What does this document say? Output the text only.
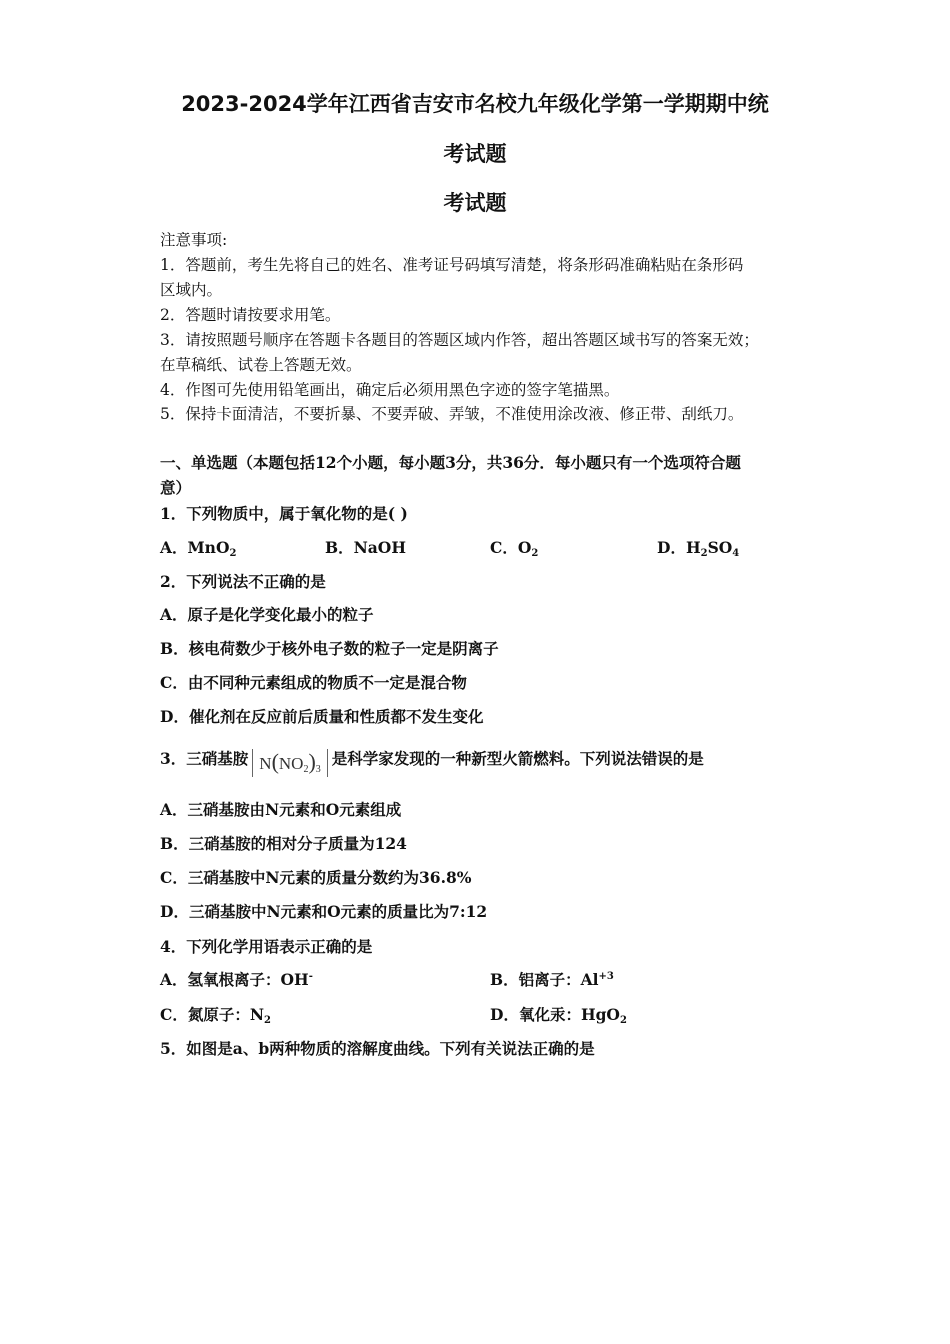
2023-2024学年江西省吉安市名校九年级化学第一学期期中统
考试题
考试题
注意事项:
1．答题前，考生先将自己的姓名、准考证号码填写清楚，将条形码准确粘贴在条形码
区域内。
2．答题时请按要求用笔。
3．请按照题号顺序在答题卡各题目的答题区域内作答，超出答题区域书写的答案无效；
在草稿纸、试卷上答题无效。
4．作图可先使用铅笔画出，确定后必须用黑色字迹的签字笔描黑。
5．保持卡面清洁，不要折暴、不要弄破、弄皱，不准使用涂改液、修正带、刮纸刀。
一、单选题（本题包括12个小题，每小题3分，共36分．每小题只有一个选项符合题
意）
1．下列物质中，属于氧化物的是( )
A．MnO$_2$	B．NaOH	C．$O_2$	D．$H_2SO_4$
2．下列说法不正确的是
A．原子是化学变化最小的粒子
B．核电荷数少于核外电子数的粒子一定是阴离子
C．由不同种元素组成的物质不一定是混合物
D．催化剂在反应前后质量和性质都不发生变化
3．三硝基胺 $N(NO_2)_3$是科学家发现的一种新型火箭燃料。下列说法错误的是
A．三硝基胺由N元素和O元素组成
B．三硝基胺的相对分子质量为124
C．三硝基胺中N元素的质量分数约为36.8%
D．三硝基胺中N元素和O元素的质量比为7:12
4．下列化学用语表示正确的是
A．氢氧根离子：OH-	B．铝离子：$Al^{+3}$
C．氮原子：$N_2$	D．氧化汞：HgO$_2$
5．如图是a、b两种物质的溶解度曲线。下列有关说法正确的是
